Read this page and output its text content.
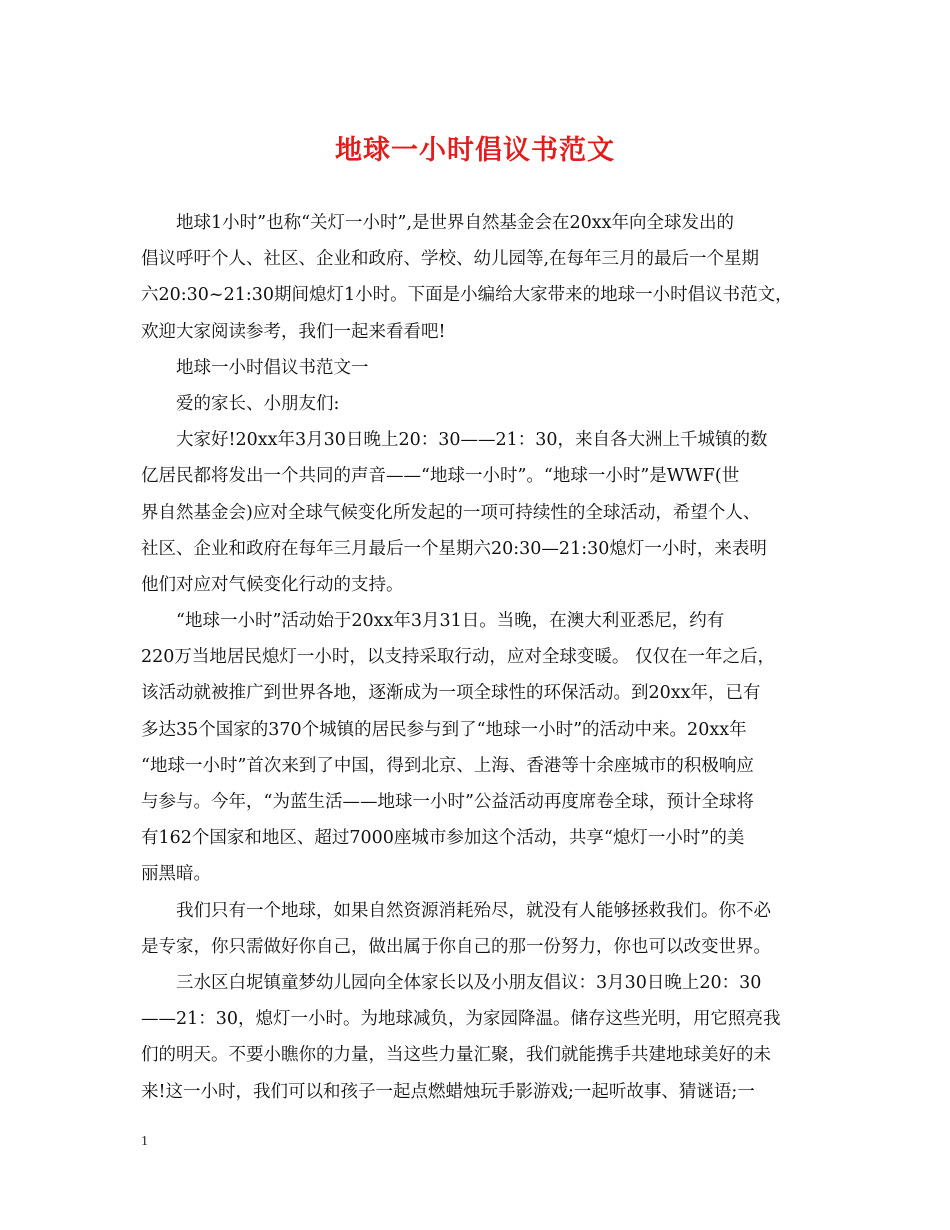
地球一小时倡议书范文
　　地球1小时”也称“关灯一小时”,是世界自然基金会在20xx年向全球发出的
倡议呼吁个人、社区、企业和政府、学校、幼儿园等,在每年三月的最后一个星期
六20:30~21:30期间熄灯1小时。下面是小编给大家带来的地球一小时倡议书范文，
欢迎大家阅读参考，我们一起来看看吧!
　　地球一小时倡议书范文一
　　爱的家长、小朋友们:
　　大家好!20xx年3月30日晚上20：30——21：30，来自各大洲上千城镇的数
亿居民都将发出一个共同的声音——“地球一小时”。“地球一小时”是WWF(世
界自然基金会)应对全球气候变化所发起的一项可持续性的全球活动，希望个人、
社区、企业和政府在每年三月最后一个星期六20:30—21:30熄灯一小时，来表明
他们对应对气候变化行动的支持。
　　“地球一小时”活动始于20xx年3月31日。当晚，在澳大利亚悉尼，约有
220万当地居民熄灯一小时，以支持采取行动，应对全球变暖。 仅仅在一年之后，
该活动就被推广到世界各地，逐渐成为一项全球性的环保活动。到20xx年，已有
多达35个国家的370个城镇的居民参与到了“地球一小时”的活动中来。20xx年
“地球一小时”首次来到了中国，得到北京、上海、香港等十余座城市的积极响应
与参与。今年，“为蓝生活——地球一小时”公益活动再度席卷全球，预计全球将
有162个国家和地区、超过7000座城市参加这个活动，共享“熄灯一小时”的美
丽黑暗。
　　我们只有一个地球，如果自然资源消耗殆尽，就没有人能够拯救我们。你不必
是专家，你只需做好你自己，做出属于你自己的那一份努力，你也可以改变世界。
　　三水区白坭镇童梦幼儿园向全体家长以及小朋友倡议：3月30日晚上20：30
——21：30，熄灯一小时。为地球减负，为家园降温。储存这些光明，用它照亮我
们的明天。不要小瞧你的力量，当这些力量汇聚，我们就能携手共建地球美好的未
来!这一小时，我们可以和孩子一起点燃蜡烛玩手影游戏;一起听故事、猜谜语;一
1
